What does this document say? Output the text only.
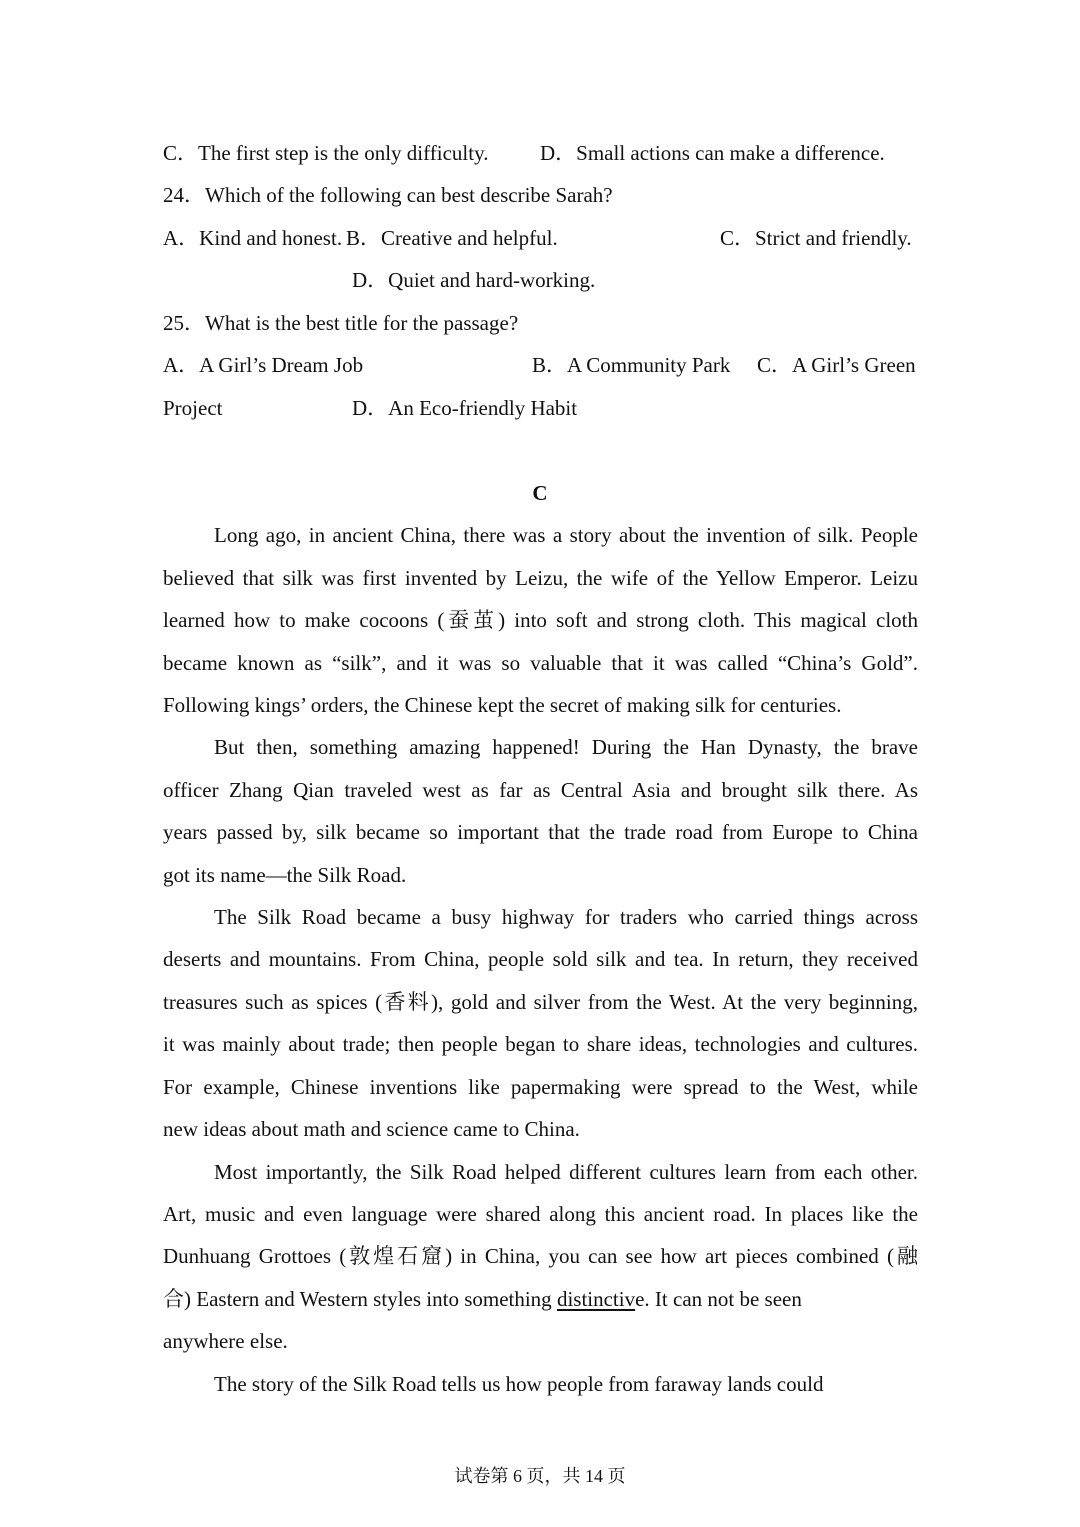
C．The first step is the only difficulty. D．Small actions can make a difference.
24．Which of the following can best describe Sarah?
A．Kind and honest. B．Creative and helpful.	C．Strict and friendly.
D．Quiet and hard-working.
25．What is the best title for the passage?
A．A Girl’s Dream Job	B．A Community Park C．A Girl’s Green
Project	D．An Eco-friendly Habit
C
Long ago, in ancient China, there was a story about the invention of silk. People
believed that silk was first invented by Leizu, the wife of the Yellow Emperor. Leizu
learned how to make cocoons (蚕茧) into soft and strong cloth. This magical cloth
became known as “silk”, and it was so valuable that it was called “China’s Gold”.
Following kings’ orders, the Chinese kept the secret of making silk for centuries.
But then, something amazing happened! During the Han Dynasty, the brave
officer Zhang Qian traveled west as far as Central Asia and brought silk there. As
years passed by, silk became so important that the trade road from Europe to China
got its name—the Silk Road.
The Silk Road became a busy highway for traders who carried things across
deserts and mountains. From China, people sold silk and tea. In return, they received
treasures such as spices (香料), gold and silver from the West. At the very beginning,
it was mainly about trade; then people began to share ideas, technologies and cultures.
For example, Chinese inventions like papermaking were spread to the West, while
new ideas about math and science came to China.
Most importantly, the Silk Road helped different cultures learn from each other.
Art, music and even language were shared along this ancient road. In places like the
Dunhuang Grottoes (敦煌石窟) in China, you can see how art pieces combined (融
合) Eastern and Western styles into something distinctive. It can not be seen
anywhere else.
The story of the Silk Road tells us how people from faraway lands could
试卷第 6 页，共 14 页
